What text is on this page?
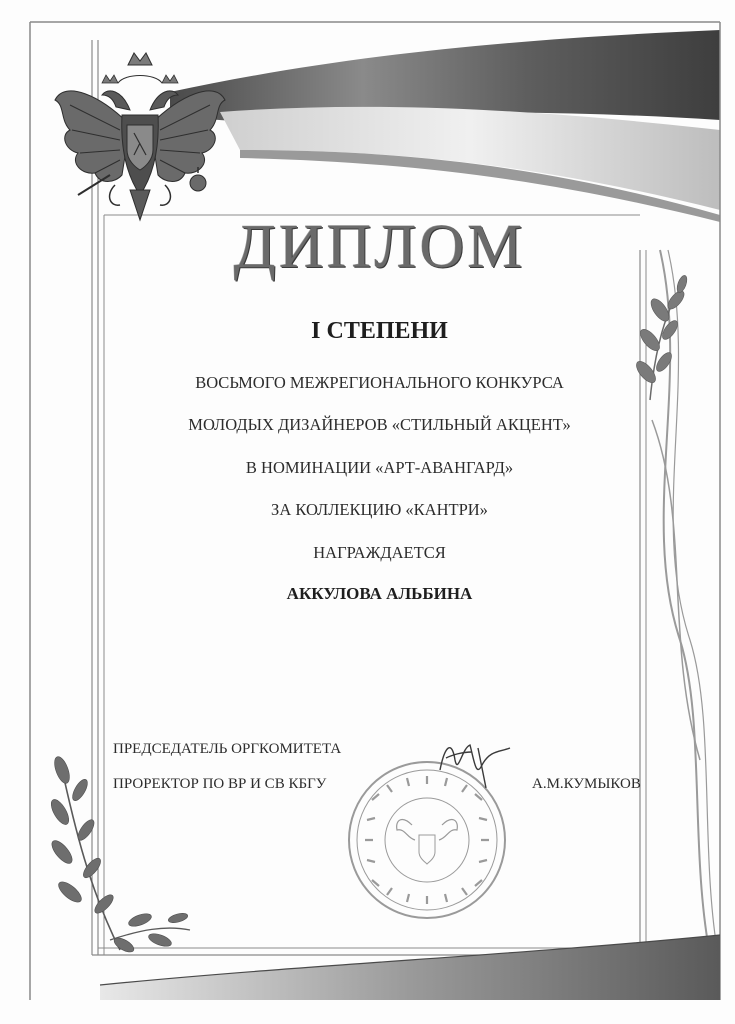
ДИПЛОМ
I СТЕПЕНИ
ВОСЬМОГО МЕЖРЕГИОНАЛЬНОГО КОНКУРСА
МОЛОДЫХ ДИЗАЙНЕРОВ «СТИЛЬНЫЙ АКЦЕНТ»
В НОМИНАЦИИ «АРТ-АВАНГАРД»
ЗА КОЛЛЕКЦИЮ «КАНТРИ»
НАГРАЖДАЕТСЯ
АККУЛОВА АЛЬБИНА
ПРЕДСЕДАТЕЛЬ ОРГКОМИТЕТА
ПРОРЕКТОР ПО ВР И СВ КБГУ	А.М.КУМЫКОВ
